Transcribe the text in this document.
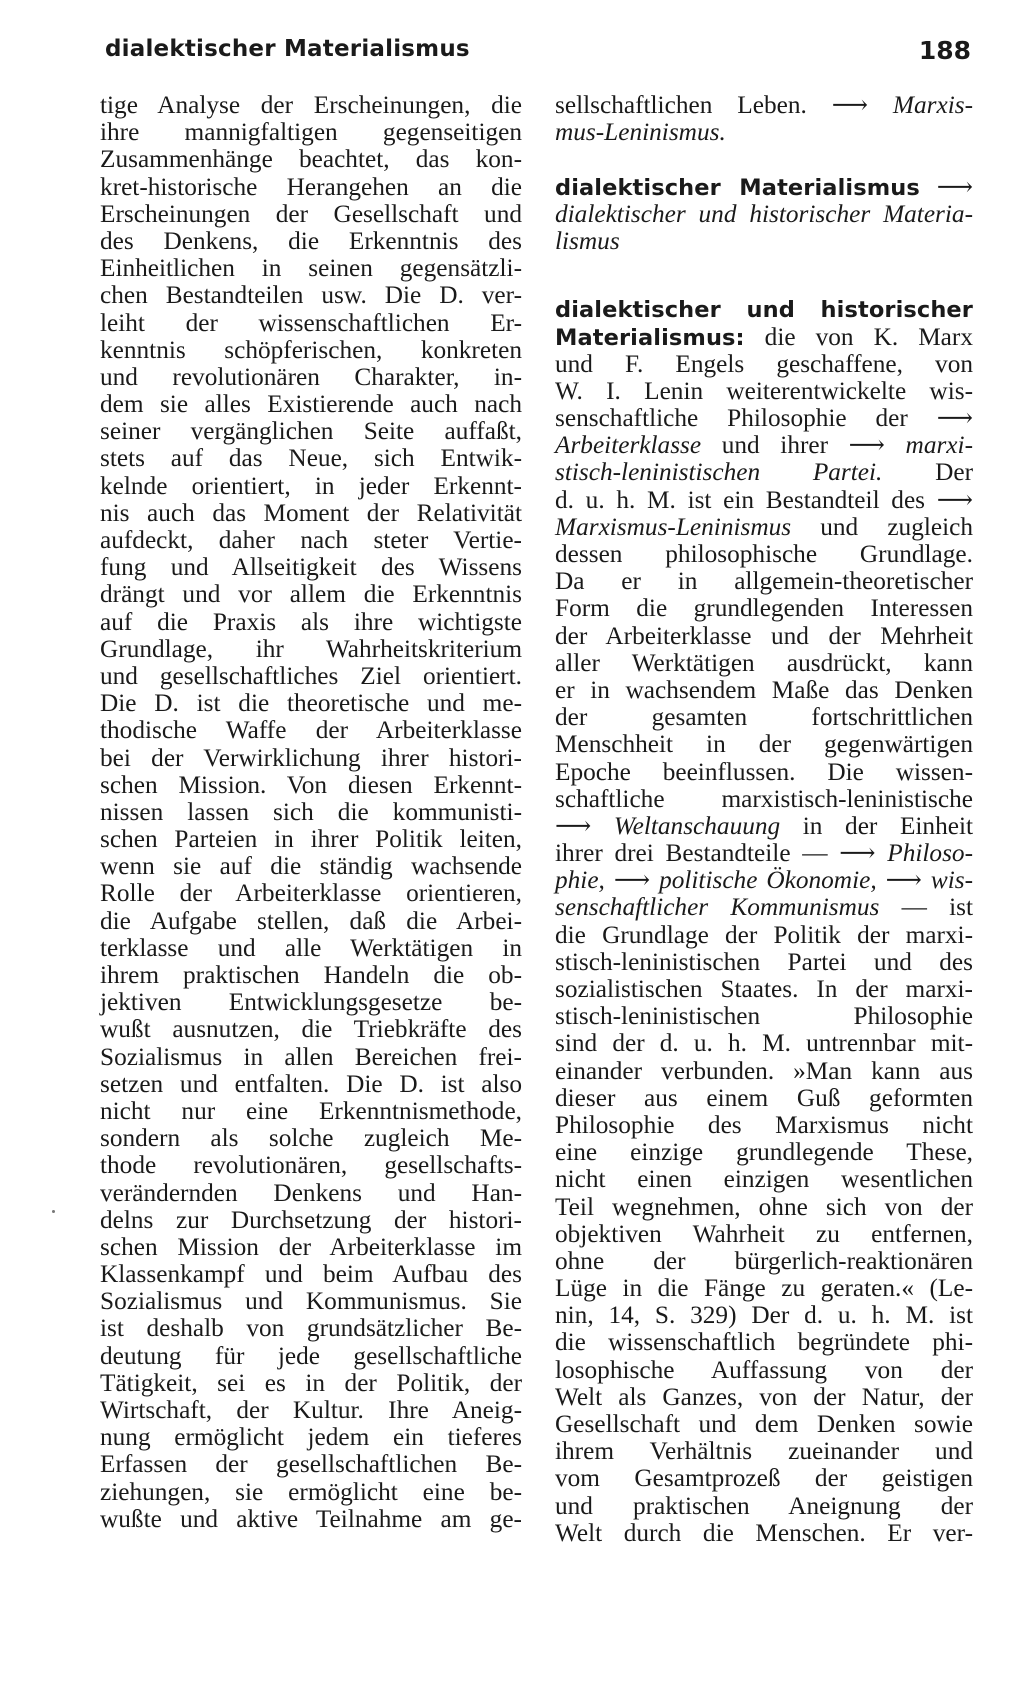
dialektischer Materialismus	188
tige Analyse der Erscheinungen, die
ihre mannigfaltigen gegenseitigen
Zusammenhänge beachtet, das kon-
kret-historische Herangehen an die
Erscheinungen der Gesellschaft und
des Denkens, die Erkenntnis des
Einheitlichen in seinen gegensätzli-
chen Bestandteilen usw. Die D. ver-
leiht der wissenschaftlichen Er-
kenntnis schöpferischen, konkreten
und revolutionären Charakter, in-
dem sie alles Existierende auch nach
seiner vergänglichen Seite auffaßt,
stets auf das Neue, sich Entwik-
kelnde orientiert, in jeder Erkennt-
nis auch das Moment der Relativität
aufdeckt, daher nach steter Vertie-
fung und Allseitigkeit des Wissens
drängt und vor allem die Erkenntnis
auf die Praxis als ihre wichtigste
Grundlage, ihr Wahrheitskriterium
und gesellschaftliches Ziel orientiert.
Die D. ist die theoretische und me-
thodische Waffe der Arbeiterklasse
bei der Verwirklichung ihrer histori-
schen Mission. Von diesen Erkennt-
nissen lassen sich die kommunisti-
schen Parteien in ihrer Politik leiten,
wenn sie auf die ständig wachsende
Rolle der Arbeiterklasse orientieren,
die Aufgabe stellen, daß die Arbei-
terklasse und alle Werktätigen in
ihrem praktischen Handeln die ob-
jektiven Entwicklungsgesetze be-
wußt ausnutzen, die Triebkräfte des
Sozialismus in allen Bereichen frei-
setzen und entfalten. Die D. ist also
nicht nur eine Erkenntnismethode,
sondern als solche zugleich Me-
thode revolutionären, gesellschafts-
verändernden Denkens und Han-
delns zur Durchsetzung der histori-
schen Mission der Arbeiterklasse im
Klassenkampf und beim Aufbau des
Sozialismus und Kommunismus. Sie
ist deshalb von grundsätzlicher Be-
deutung für jede gesellschaftliche
Tätigkeit, sei es in der Politik, der
Wirtschaft, der Kultur. Ihre Aneig-
nung ermöglicht jedem ein tieferes
Erfassen der gesellschaftlichen Be-
ziehungen, sie ermöglicht eine be-
wußte und aktive Teilnahme am ge-
sellschaftlichen Leben. ⟶ Marxis-
mus-Leninismus.
dialektischer Materialismus ⟶
dialektischer und historischer Materia-
lismus
dialektischer und historischer
Materialismus: die von K. Marx
und F. Engels geschaffene, von
W. I. Lenin weiterentwickelte wis-
senschaftliche Philosophie der ⟶
Arbeiterklasse und ihrer ⟶ marxi-
stisch-leninistischen Partei. Der
d. u. h. M. ist ein Bestandteil des ⟶
Marxismus-Leninismus und zugleich
dessen philosophische Grundlage.
Da er in allgemein-theoretischer
Form die grundlegenden Interessen
der Arbeiterklasse und der Mehrheit
aller Werktätigen ausdrückt, kann
er in wachsendem Maße das Denken
der gesamten fortschrittlichen
Menschheit in der gegenwärtigen
Epoche beeinflussen. Die wissen-
schaftliche marxistisch-leninistische
⟶ Weltanschauung in der Einheit
ihrer drei Bestandteile — ⟶ Philoso-
phie, ⟶ politische Ökonomie, ⟶ wis-
senschaftlicher Kommunismus — ist
die Grundlage der Politik der marxi-
stisch-leninistischen Partei und des
sozialistischen Staates. In der marxi-
stisch-leninistischen Philosophie
sind der d. u. h. M. untrennbar mit-
einander verbunden. »Man kann aus
dieser aus einem Guß geformten
Philosophie des Marxismus nicht
eine einzige grundlegende These,
nicht einen einzigen wesentlichen
Teil wegnehmen, ohne sich von der
objektiven Wahrheit zu entfernen,
ohne der bürgerlich-reaktionären
Lüge in die Fänge zu geraten.« (Le-
nin, 14, S. 329) Der d. u. h. M. ist
die wissenschaftlich begründete phi-
losophische Auffassung von der
Welt als Ganzes, von der Natur, der
Gesellschaft und dem Denken sowie
ihrem Verhältnis zueinander und
vom Gesamtprozeß der geistigen
und praktischen Aneignung der
Welt durch die Menschen. Er ver-
